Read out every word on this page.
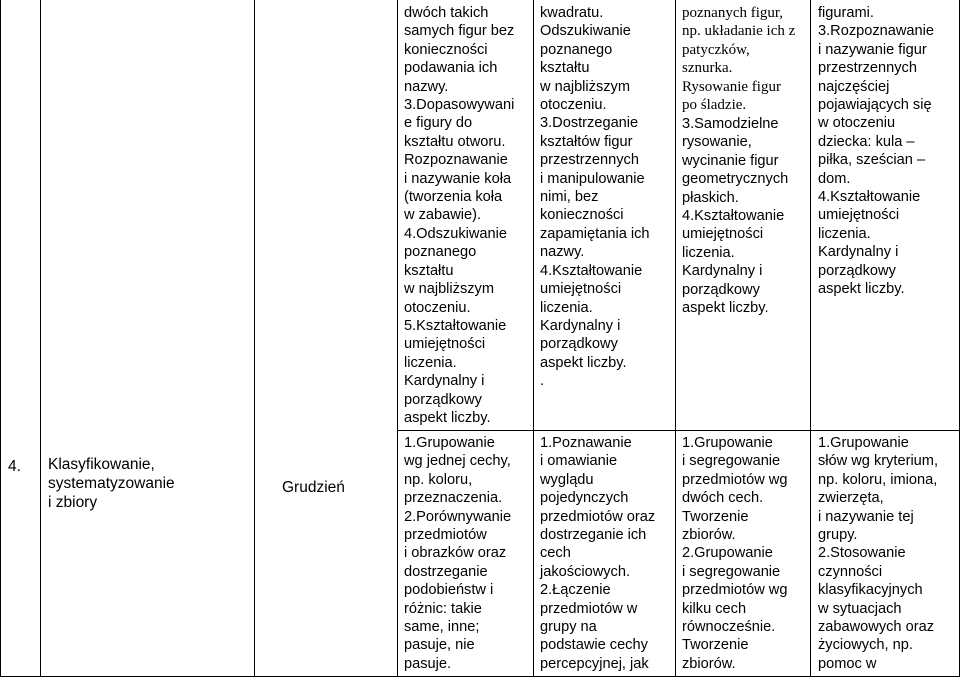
4. Klasyfikowanie,
systematyzowanie
i zbiory
Grudzień
dwóch takich
samych figur bez
konieczności
podawania ich
nazwy.
3.Dopasowywani
e figury do
kształtu otworu.
Rozpoznawanie
i nazywanie koła
(tworzenia koła
w zabawie).
4.Odszukiwanie
poznanego
kształtu
w najbliższym
otoczeniu.
5.Kształtowanie
umiejętności
liczenia.
Kardynalny i
porządkowy
aspekt liczby.
1.Grupowanie
wg jednej cechy,
np. koloru,
przeznaczenia.
2.Porównywanie
przedmiotów
i obrazków oraz
dostrzeganie
podobieństw i
różnic: takie
same, inne;
pasuje, nie
pasuje.
kwadratu.
Odszukiwanie
poznanego
kształtu
w najbliższym
otoczeniu.
3.Dostrzeganie
kształtów figur
przestrzennych
i manipulowanie
nimi, bez
konieczności
zapamiętania ich
nazwy.
4.Kształtowanie
umiejętności
liczenia.
Kardynalny i
porządkowy
aspekt liczby.
.
1.Poznawanie
i omawianie
wyglądu
pojedynczych
przedmiotów oraz
dostrzeganie ich
cech
jakościowych.
2.Łączenie
przedmiotów w
grupy na
podstawie cechy
percepcyjnej, jak
poznanych figur,
np. układanie ich z
patyczków,
sznurka.
Rysowanie figur
po śladzie.
3.Samodzielne
rysowanie,
wycinanie figur
geometrycznych
płaskich.
4.Kształtowanie
umiejętności
liczenia.
Kardynalny i
porządkowy
aspekt liczby.
1.Grupowanie
i segregowanie
przedmiotów wg
dwóch cech.
Tworzenie
zbiorów.
2.Grupowanie
i segregowanie
przedmiotów wg
kilku cech
równocześnie.
Tworzenie
zbiorów.
figurami.
3.Rozpoznawanie
i nazywanie figur
przestrzennych
najczęściej
pojawiających się
w otoczeniu
dziecka: kula –
piłka, sześcian –
dom.
4.Kształtowanie
umiejętności
liczenia.
Kardynalny i
porządkowy
aspekt liczby.
1.Grupowanie
słów wg kryterium,
np. koloru, imiona,
zwierzęta,
i nazywanie tej
grupy.
2.Stosowanie
czynności
klasyfikacyjnych
w sytuacjach
zabawowych oraz
życiowych, np.
pomoc w
